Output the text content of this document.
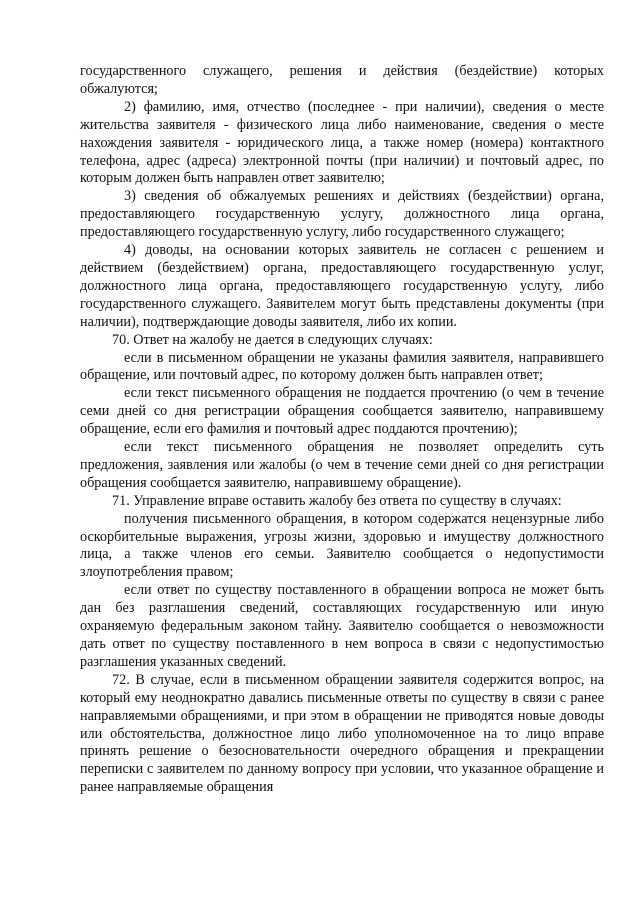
государственного служащего, решения и действия (бездействие) которых обжалуются;

2) фамилию, имя, отчество (последнее - при наличии), сведения о месте жительства заявителя - физического лица либо наименование, сведения о месте нахождения заявителя - юридического лица, а также номер (номера) контактного телефона, адрес (адреса) электронной почты (при наличии) и почтовый адрес, по которым должен быть направлен ответ заявителю;

3) сведения об обжалуемых решениях и действиях (бездействии) органа, предоставляющего государственную услугу, должностного лица органа, предоставляющего государственную услугу, либо государственного служащего;

4) доводы, на основании которых заявитель не согласен с решением и действием (бездействием) органа, предоставляющего государственную услуг, должностного лица органа, предоставляющего государственную услугу, либо государственного служащего. Заявителем могут быть представлены документы (при наличии), подтверждающие доводы заявителя, либо их копии.

70. Ответ на жалобу не дается в следующих случаях:

если в письменном обращении не указаны фамилия заявителя, направившего обращение, или почтовый адрес, по которому должен быть направлен ответ;

если текст письменного обращения не поддается прочтению (о чем в течение семи дней со дня регистрации обращения сообщается заявителю, направившему обращение, если его фамилия и почтовый адрес поддаются прочтению);

если текст письменного обращения не позволяет определить суть предложения, заявления или жалобы (о чем в течение семи дней со дня регистрации обращения сообщается заявителю, направившему обращение).

71. Управление вправе оставить жалобу без ответа по существу в случаях:

получения письменного обращения, в котором содержатся нецензурные либо оскорбительные выражения, угрозы жизни, здоровью и имуществу должностного лица, а также членов его семьи. Заявителю сообщается о недопустимости злоупотребления правом;

если ответ по существу поставленного в обращении вопроса не может быть дан без разглашения сведений, составляющих государственную или иную охраняемую федеральным законом тайну. Заявителю сообщается о невозможности дать ответ по существу поставленного в нем вопроса в связи с недопустимостью разглашения указанных сведений.

72. В случае, если в письменном обращении заявителя содержится вопрос, на который ему неоднократно давались письменные ответы по существу в связи с ранее направляемыми обращениями, и при этом в обращении не приводятся новые доводы или обстоятельства, должностное лицо либо уполномоченное на то лицо вправе принять решение о безосновательности очередного обращения и прекращении переписки с заявителем по данному вопросу при условии, что указанное обращение и ранее направляемые обращения
